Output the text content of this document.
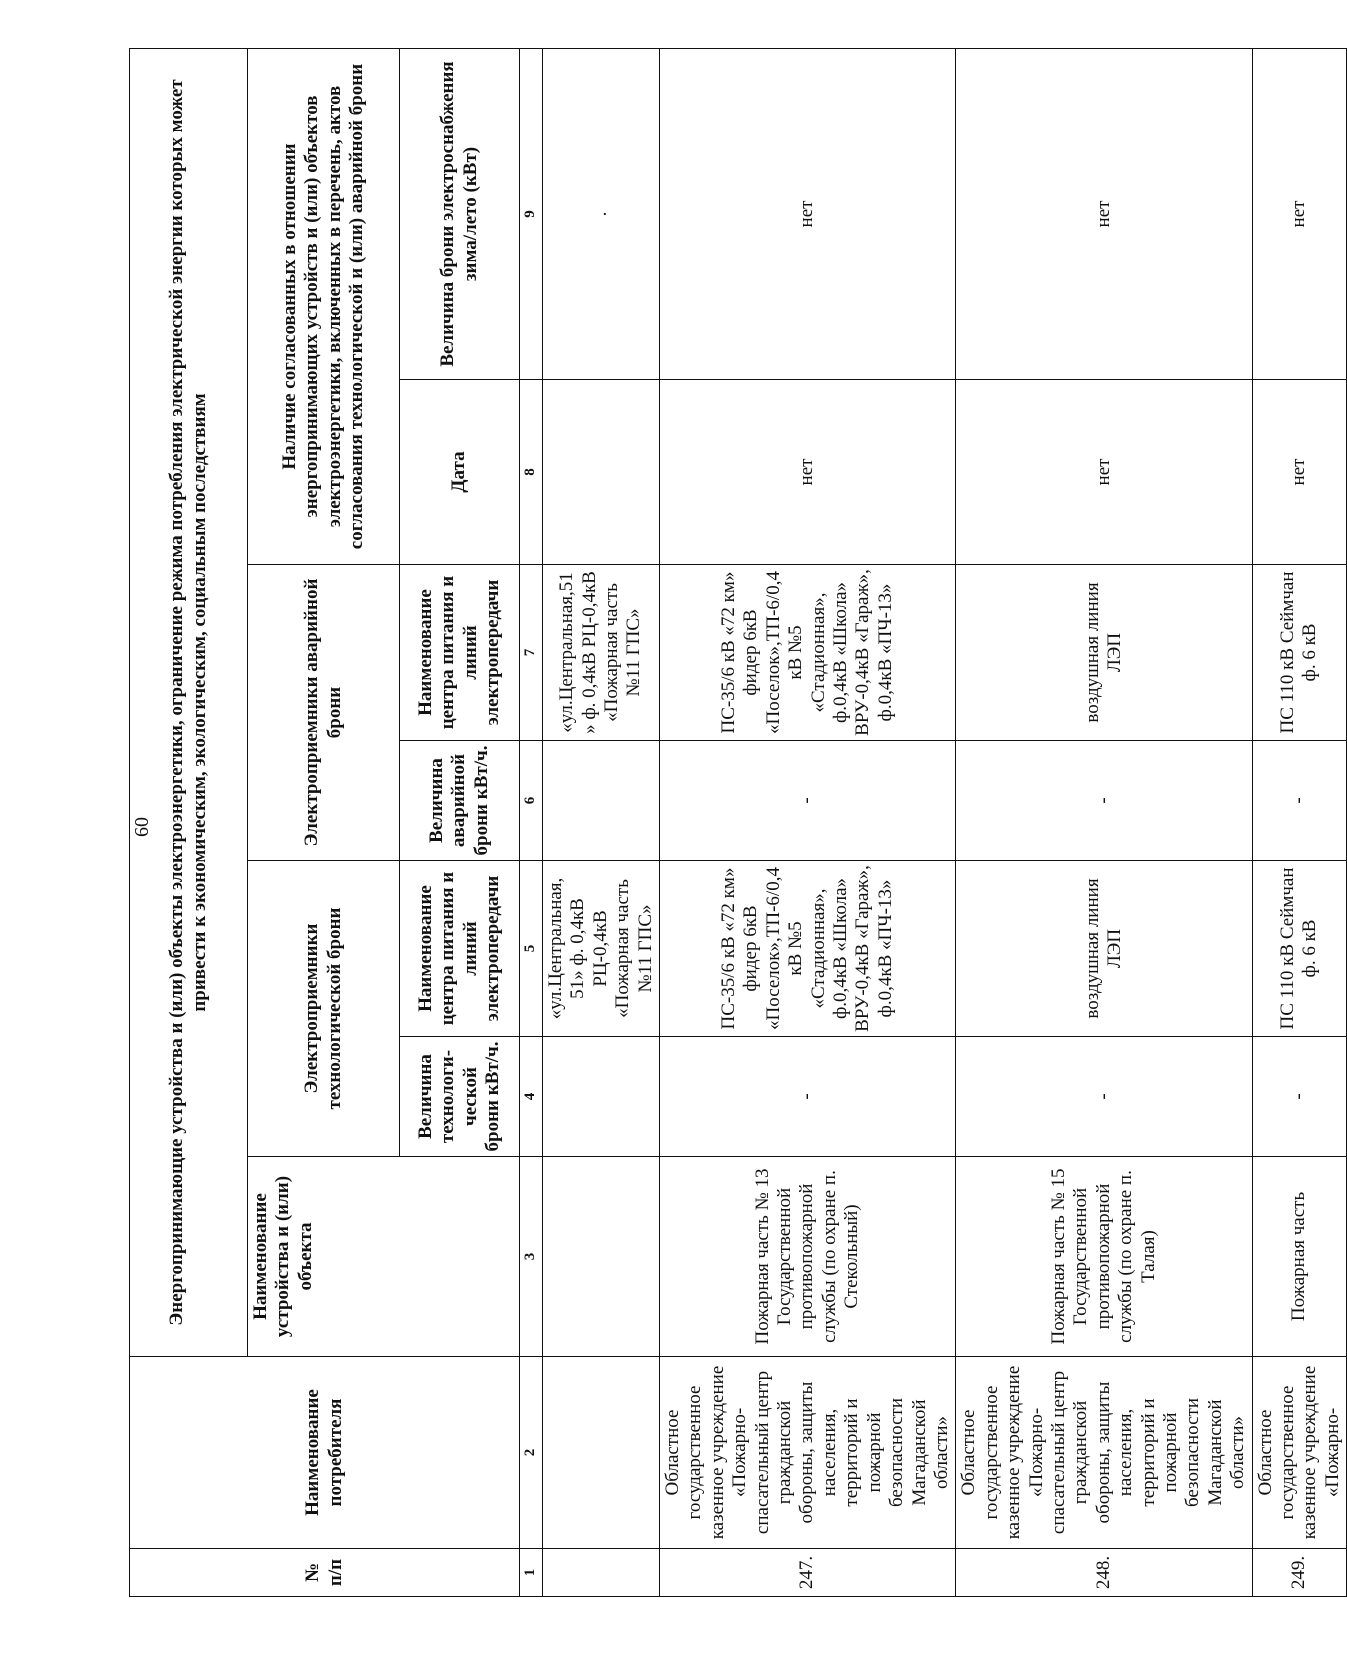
60
№ п/п	Наименование потребителя	Энергопринимающие устройства и (или) объекты электроэнергетики, ограничение режима потребления электрической энергии которых может привести к экономическим, экологическим, социальным последствиям						
		Наименование устройства и (или) объекта	Электроприемники технологической брони		Электроприемники аварийной брони		Наличие согласованных в отношении энергопринимающих устройств и (или) объектов электроэнергетики, включенных в перечень, актов согласования технологической и (или) аварийной брони	
			Величина технологи-ческой брони кВт/ч.	Наименование центра питания и линий электропередачи	Величина аварийной брони кВт/ч.	Наименование центра питания и линий электропередачи	Дата	Величина брони электроснабжения зима/лето (кВт)
1	2	3	4	5	6	7	8	9
				«ул.Центральная, 51» ф. 0,4кВ РЦ-0,4кВ «Пожарная часть №11 ГПС»		«ул.Центральная,51» ф. 0,4кВ РЦ-0,4кВ «Пожарная часть №11 ГПС»		.
247.	Областное государственное казенное учреждение «Пожарно-спасательный центр гражданской обороны, защиты населения, территорий и пожарной безопасности Магаданской области»	Пожарная часть № 13 Государственной противопожарной службы (по охране п. Стекольный)	-	ПС-35/6 кВ «72 км» фидер 6кВ «Поселок»,ТП-6/0,4кВ №5 «Стадионная», ф.0,4кВ «Школа» ВРУ-0,4кВ «Гараж», ф.0,4кВ «ПЧ-13»	-	ПС-35/6 кВ «72 км» фидер 6кВ «Поселок»,ТП-6/0,4кВ №5 «Стадионная», ф.0,4кВ «Школа» ВРУ-0,4кВ «Гараж», ф.0,4кВ «ПЧ-13»	нет	нет
248.	Областное государственное казенное учреждение «Пожарно-спасательный центр гражданской обороны, защиты населения, территорий и пожарной безопасности Магаданской области»	Пожарная часть № 15 Государственной противопожарной службы (по охране п. Талая)	-	воздушная линия ЛЭП	-	воздушная линия ЛЭП	нет	нет
249.	Областное государственное казенное учреждение «Пожарно-	Пожарная часть	-	ПС 110 кВ Сеймчан ф. 6 кВ	-	ПС 110 кВ Сеймчан ф. 6 кВ	нет	нет
